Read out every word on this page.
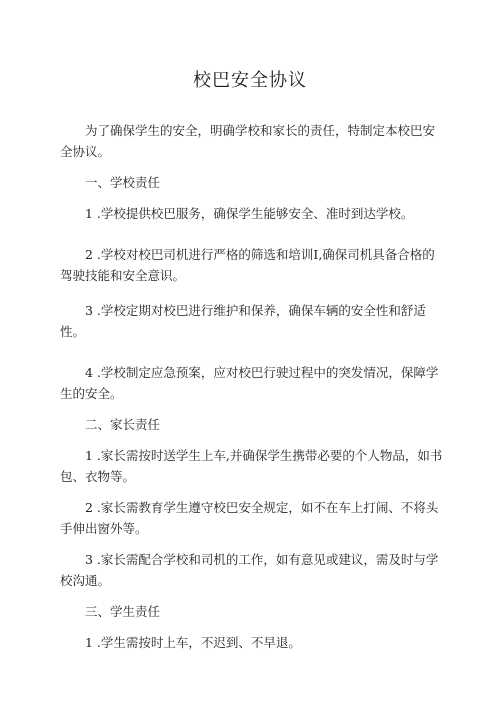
校巴安全协议

为了确保学生的安全，明确学校和家长的责任，特制定本校巴安全协议。

一、学校责任

1 .学校提供校巴服务，确保学生能够安全、准时到达学校。

2 .学校对校巴司机进行严格的筛选和培训I,确保司机具备合格的驾驶技能和安全意识。

3 .学校定期对校巴进行维护和保养，确保车辆的安全性和舒适性。

4 .学校制定应急预案，应对校巴行驶过程中的突发情况，保障学生的安全。

二、家长责任

1 .家长需按时送学生上车,并确保学生携带必要的个人物品，如书包、衣物等。

2 .家长需教育学生遵守校巴安全规定，如不在车上打闹、不将头手伸出窗外等。

3 .家长需配合学校和司机的工作，如有意见或建议，需及时与学校沟通。

三、学生责任

1 .学生需按时上车，不迟到、不早退。
